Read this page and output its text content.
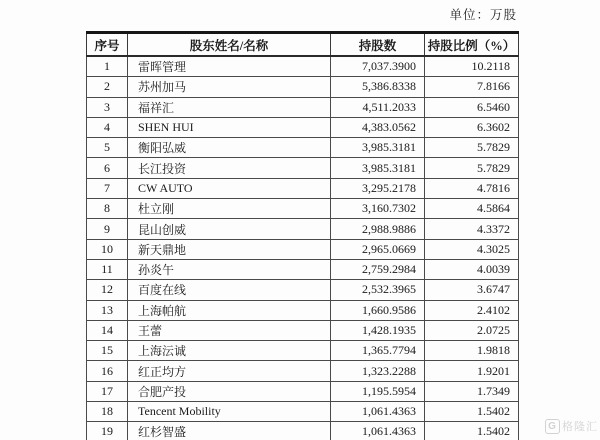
单位：万股
序号	股东姓名/名称	持股数	持股比例（%）
1	雷晖管理	7,037.3900	10.2118
2	苏州加马	5,386.8338	7.8166
3	福祥汇	4,511.2033	6.5460
4	SHEN HUI	4,383.0562	6.3602
5	衡阳弘威	3,985.3181	5.7829
6	长江投资	3,985.3181	5.7829
7	CW AUTO	3,295.2178	4.7816
8	杜立刚	3,160.7302	4.5864
9	昆山创威	2,988.9886	4.3372
10	新天鼎地	2,965.0669	4.3025
11	孙炎午	2,759.2984	4.0039
12	百度在线	2,532.3965	3.6747
13	上海帕航	1,660.9586	2.4102
14	王蕾	1,428.1935	2.0725
15	上海沄诚	1,365.7794	1.9818
16	红正均方	1,323.2288	1.9201
17	合肥产投	1,195.5954	1.7349
18	Tencent Mobility	1,061.4363	1.5402
19	红杉智盛	1,061.4363	1.5402	G 格隆汇
